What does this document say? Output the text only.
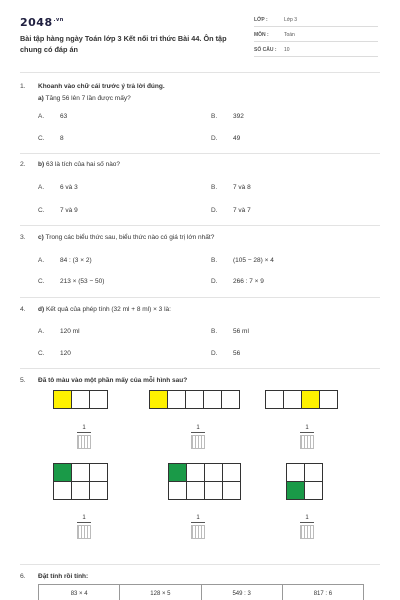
$2048^{.vn}$
Bài tập hàng ngày Toán lớp 3 Kết nối tri thức Bài 44. Ôn tập chung có đáp án
LỚP :	Lớp 3
MÔN :	Toán
SỐ CÂU : 10
1. Khoanh vào chữ cái trước ý trả lời đúng.
a) Tăng 56 lên 7 lần được mấy?
A. 63	B. 392
C. 8	D. 49
2. b) 63 là tích của hai số nào?
A. 6 và 3	B. 7 và 8
C. 7 và 9	D. 7 và 7
3. c) Trong các biểu thức sau, biểu thức nào có giá trị lớn nhất?
A. 84 : (3 × 2)	B. (105 − 28) × 4
C. 213 × (53 − 50)	D. 266 : 7 × 9
4. d) Kết quả của phép tính (32 ml + 8 ml) × 3 là:
A. 120 ml	B. 56 ml
C. 120	D. 56
5. Đã tô màu vào một phần mấy của mỗi hình sau?
1	1	1
1	1	1
6. Đặt tính rồi tính:
83 × 4	128 × 5	549 : 3	817 : 6
